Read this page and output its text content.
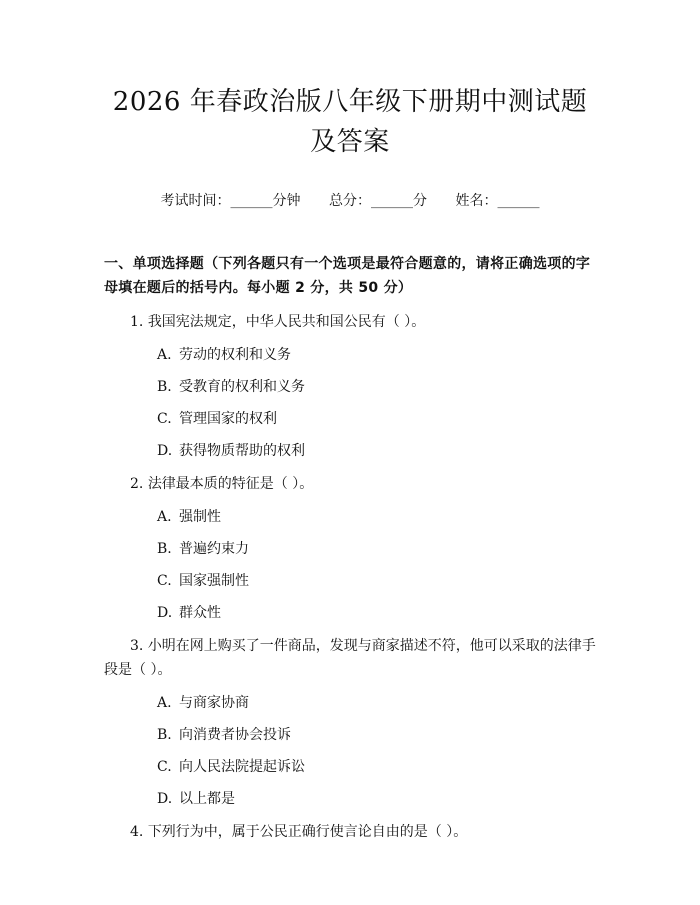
2026 年春政治版八年级下册期中测试题及答案
考试时间：______分钟 总分：______分 姓名：______
一、单项选择题（下列各题只有一个选项是最符合题意的，请将正确选项的字母填在题后的括号内。每小题 2 分，共 50 分）
1. 我国宪法规定，中华人民共和国公民有（ ）。
A. 劳动的权利和义务
B. 受教育的权利和义务
C. 管理国家的权利
D. 获得物质帮助的权利
2. 法律最本质的特征是（ ）。
A. 强制性
B. 普遍约束力
C. 国家强制性
D. 群众性
3. 小明在网上购买了一件商品，发现与商家描述不符，他可以采取的法律手段是（ ）。
A. 与商家协商
B. 向消费者协会投诉
C. 向人民法院提起诉讼
D. 以上都是
4. 下列行为中，属于公民正确行使言论自由的是（ ）。
